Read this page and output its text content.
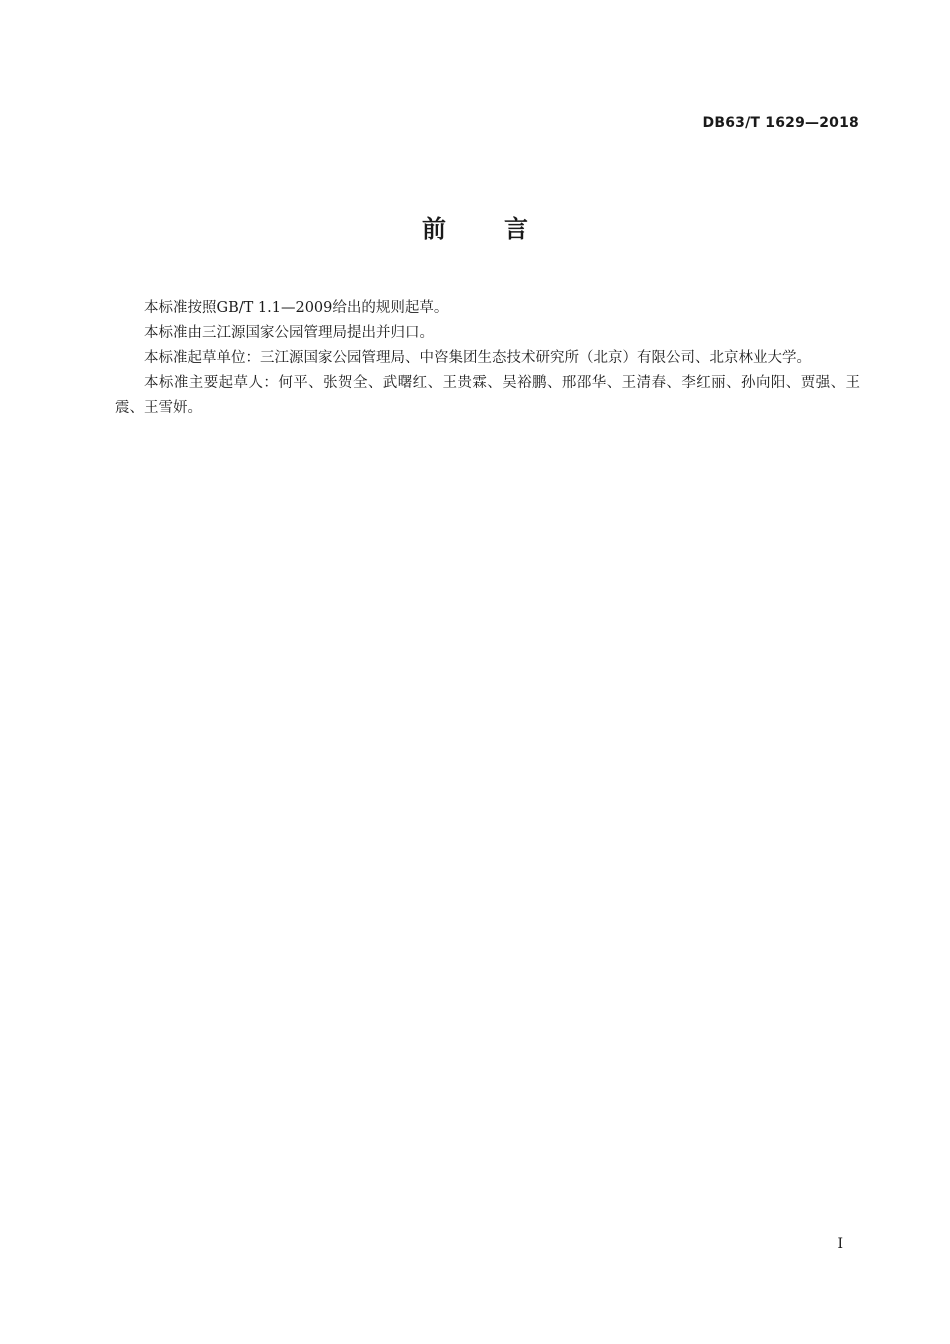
DB63/T 1629—2018
前 言

本标准按照GB/T 1.1—2009给出的规则起草。

本标准由三江源国家公园管理局提出并归口。

本标准起草单位：三江源国家公园管理局、中咨集团生态技术研究所（北京）有限公司、北京林业大学。

本标准主要起草人：何平、张贺全、武曙红、王贵霖、吴裕鹏、邢邵华、王清春、李红丽、孙向阳、贾强、王震、王雪妍。

I
